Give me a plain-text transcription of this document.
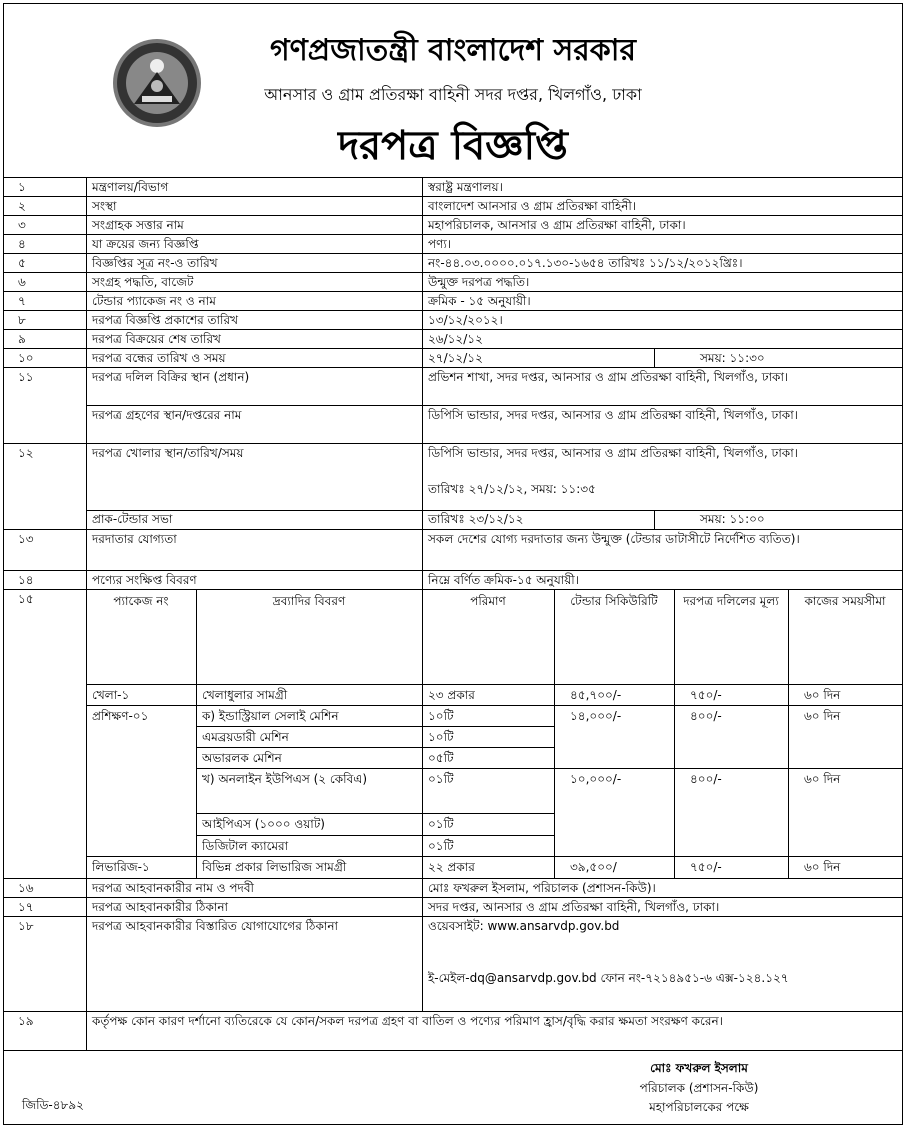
গণপ্রজাতন্ত্রী বাংলাদেশ সরকার
আনসার ও গ্রাম প্রতিরক্ষা বাহিনী সদর দপ্তর, খিলগাঁও, ঢাকা
দরপত্র বিজ্ঞপ্তি
১	মন্ত্রণালয়/বিভাগ	স্বরাষ্ট্র মন্ত্রণালয়।
২	সংস্থা	বাংলাদেশ আনসার ও গ্রাম প্রতিরক্ষা বাহিনী।
৩	সংগ্রাহক সত্তার নাম	মহাপরিচালক, আনসার ও গ্রাম প্রতিরক্ষা বাহিনী, ঢাকা।
৪	যা ক্রয়ের জন্য বিজ্ঞপ্তি	পণ্য।
৫	বিজ্ঞপ্তির সূত্র নং-ও তারিখ	নং-৪৪.০৩.০০০০.০১৭.১৩০-১৬৫৪ তারিখঃ ১১/১২/২০১২খ্রিঃ।
৬	সংগ্রহ পদ্ধতি, বাজেট	উন্মুক্ত দরপত্র পদ্ধতি।
৭	টেন্ডার প্যাকেজ নং ও নাম	ক্রমিক - ১৫ অনুযায়ী।
৮	দরপত্র বিজ্ঞপ্তি প্রকাশের তারিখ	১৩/১২/২০১২।
৯	দরপত্র বিক্রয়ের শেষ তারিখ	২৬/১২/১২
১০	দরপত্র বন্ধের তারিখ ও সময়	২৭/১২/১২	সময়: ১১:৩০
১১	দরপত্র দলিল বিক্রির স্থান (প্রধান)	প্রভিশন শাখা, সদর দপ্তর, আনসার ও গ্রাম প্রতিরক্ষা বাহিনী, খিলগাঁও, ঢাকা।
দরপত্র গ্রহণের স্থান/দপ্তরের নাম	ডিপিসি ভান্ডার, সদর দপ্তর, আনসার ও গ্রাম প্রতিরক্ষা বাহিনী, খিলগাঁও, ঢাকা।
১২	দরপত্র খোলার স্থান/তারিখ/সময়	ডিপিসি ভান্ডার, সদর দপ্তর, আনসার ও গ্রাম প্রতিরক্ষা বাহিনী, খিলগাঁও, ঢাকা।
তারিখঃ ২৭/১২/১২, সময়: ১১:৩৫
প্রাক-টেন্ডার সভা	তারিখঃ ২৩/১২/১২	সময়: ১১:০০
১৩	দরদাতার যোগ্যতা	সকল দেশের যোগ্য দরদাতার জন্য উন্মুক্ত (টেন্ডার ডাটাসীটে নির্দেশিত ব্যতিত)।
১৪	পণ্যের সংক্ষিপ্ত বিবরণ	নিম্নে বর্ণিত ক্রমিক-১৫ অনুযায়ী।
১৫	প্যাকেজ নং	দ্রব্যাদির বিবরণ	পরিমাণ	টেন্ডার সিকিউরিটি	দরপত্র দলিলের মূল্য	কাজের সময়সীমা
খেলা-১	খেলাধুলার সামগ্রী	২৩ প্রকার	৪৫,৭০০/-	৭৫০/-	৬০ দিন
প্রশিক্ষণ-০১	ক) ইন্ডাস্ট্রিয়াল সেলাই মেশিন	১০টি	১৪,০০০/-	৪০০/-	৬০ দিন
এমব্রয়ডারী মেশিন	১০টি
অভারলক মেশিন	০৫টি
খ) অনলাইন ইউপিএস (২ কেবিএ)	০১টি	১০,০০০/-	৪০০/-	৬০ দিন
আইপিএস (১০০০ ওয়াট)	০১টি
ডিজিটাল ক্যামেরা	০১টি
লিভারিজ-১	বিভিন্ন প্রকার লিভারিজ সামগ্রী	২২ প্রকার	৩৯,৫০০/	৭৫০/-	৬০ দিন
১৬	দরপত্র আহবানকারীর নাম ও পদবী	মোঃ ফখরুল ইসলাম, পরিচালক (প্রশাসন-কিউ)।
১৭	দরপত্র আহবানকারীর ঠিকানা	সদর দপ্তর, আনসার ও গ্রাম প্রতিরক্ষা বাহিনী, খিলগাঁও, ঢাকা।
১৮	দরপত্র আহবানকারীর বিস্তারিত যোগাযোগের ঠিকানা	ওয়েবসাইট: www.ansarvdp.gov.bd
ই-মেইল-dq@ansarvdp.gov.bd ফোন নং-৭২১৪৯৫১-৬ এক্স-১২৪.১২৭
১৯	কর্তৃপক্ষ কোন কারণ দর্শানো ব্যতিরেকে যে কোন/সকল দরপত্র গ্রহণ বা বাতিল ও পণ্যের পরিমাণ হ্রাস/বৃদ্ধি করার ক্ষমতা সংরক্ষণ করেন।
মোঃ ফখরুল ইসলাম
পরিচালক (প্রশাসন-কিউ)
মহাপরিচালকের পক্ষে
জিডি-৪৮৯২
